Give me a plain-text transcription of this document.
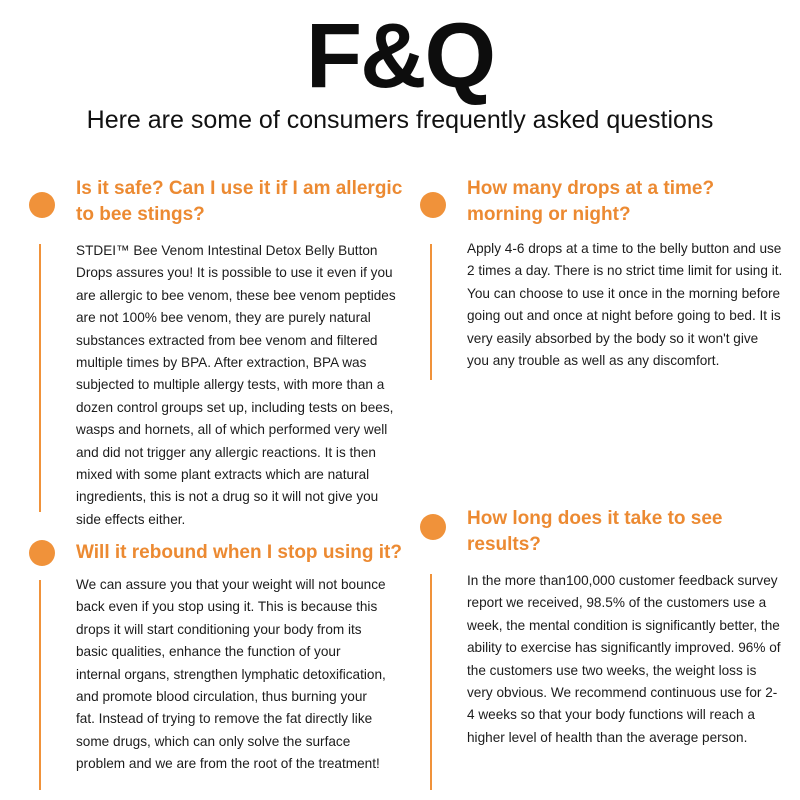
F&Q
Here are some of consumers frequently asked questions
Is it safe? Can I use it if I am allergic to bee stings?

STDEI™ Bee Venom Intestinal Detox Belly Button Drops assures you! It is possible to use it even if you are allergic to bee venom, these bee venom peptides are not 100% bee venom, they are purely natural substances extracted from bee venom and filtered multiple times by BPA. After extraction, BPA was subjected to multiple allergy tests, with more than a dozen control groups set up, including tests on bees, wasps and hornets, all of which performed very well and did not trigger any allergic reactions. It is then mixed with some plant extracts which are natural ingredients, this is not a drug so it will not give you side effects either.

How many drops at a time? morning or night?

Apply 4-6 drops at a time to the belly button and use 2 times a day. There is no strict time limit for using it. You can choose to use it once in the morning before going out and once at night before going to bed. It is very easily absorbed by the body so it won't give you any trouble as well as any discomfort.

Will it rebound when I stop using it?

We can assure you that your weight will not bounce back even if you stop using it. This is because this drops it will start conditioning your body from its basic qualities, enhance the function of your internal organs, strengthen lymphatic detoxification, and promote blood circulation, thus burning your fat. Instead of trying to remove the fat directly like some drugs, which can only solve the surface problem and we are from the root of the treatment!

How long does it take to see results?

In the more than100,000 customer feedback survey report we received, 98.5% of the customers use a week, the mental condition is significantly better, the ability to exercise has significantly improved. 96% of the customers use two weeks, the weight loss is very obvious. We recommend continuous use for 2-4 weeks so that your body functions will reach a higher level of health than the average person.
